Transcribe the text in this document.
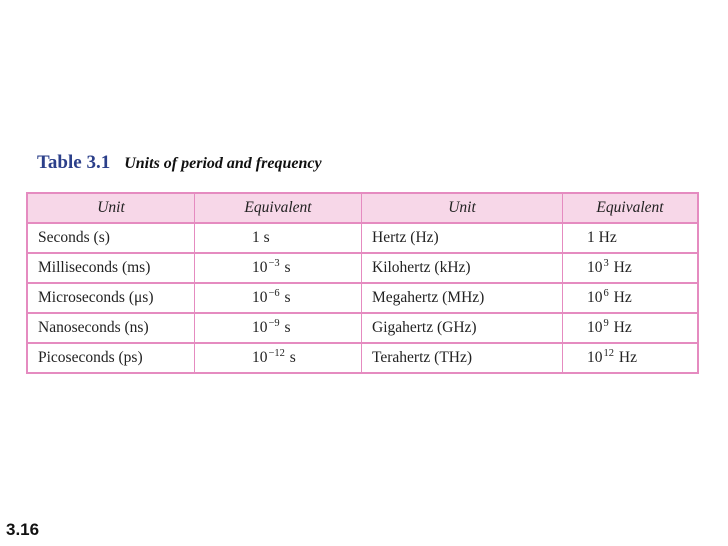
Table 3.1 Units of period and frequency
Unit	Equivalent	Unit	Equivalent
Seconds (s)	1 s	Hertz (Hz)	1 Hz
Milliseconds (ms)	$10^{-3}$ s	Kilohertz (kHz)	$10^3$ Hz
Microseconds (μs)	$10^{-6}$ s	Megahertz (MHz)	$10^6$ Hz
Nanoseconds (ns)	$10^{-9}$ s	Gigahertz (GHz)	$10^9$ Hz
Picoseconds (ps)	$10^{-12}$ s	Terahertz (THz)	$10^{12}$ Hz
3.16
